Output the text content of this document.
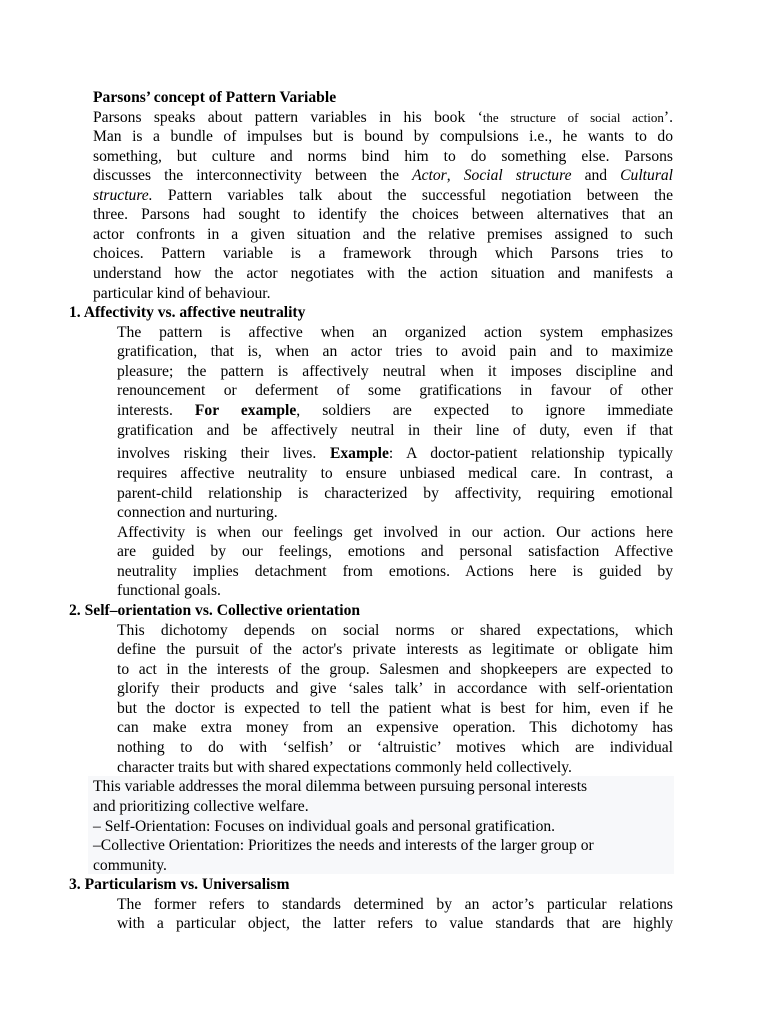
Parsons’ concept of Pattern Variable
Parsons speaks about pattern variables in his book ‘the structure of social action’.
Man is a bundle of impulses but is bound by compulsions i.e., he wants to do
something, but culture and norms bind him to do something else. Parsons
discusses the interconnectivity between the Actor, Social structure and Cultural
structure. Pattern variables talk about the successful negotiation between the
three. Parsons had sought to identify the choices between alternatives that an
actor confronts in a given situation and the relative premises assigned to such
choices. Pattern variable is a framework through which Parsons tries to
understand how the actor negotiates with the action situation and manifests a
particular kind of behaviour.
1. Affectivity vs. affective neutrality
The pattern is affective when an organized action system emphasizes
gratification, that is, when an actor tries to avoid pain and to maximize
pleasure; the pattern is affectively neutral when it imposes discipline and
renouncement or deferment of some gratifications in favour of other
interests. For example, soldiers are expected to ignore immediate
gratification and be affectively neutral in their line of duty, even if that
involves risking their lives. Example: A doctor-patient relationship typically
requires affective neutrality to ensure unbiased medical care. In contrast, a
parent-child relationship is characterized by affectivity, requiring emotional
connection and nurturing.
Affectivity is when our feelings get involved in our action. Our actions here
are guided by our feelings, emotions and personal satisfaction Affective
neutrality implies detachment from emotions. Actions here is guided by
functional goals.
2. Self–orientation vs. Collective orientation
This dichotomy depends on social norms or shared expectations, which
define the pursuit of the actor's private interests as legitimate or obligate him
to act in the interests of the group. Salesmen and shopkeepers are expected to
glorify their products and give ‘sales talk’ in accordance with self-orientation
but the doctor is expected to tell the patient what is best for him, even if he
can make extra money from an expensive operation. This dichotomy has
nothing to do with ‘selfish’ or ‘altruistic’ motives which are individual
character traits but with shared expectations commonly held collectively.
This variable addresses the moral dilemma between pursuing personal interests
and prioritizing collective welfare.
– Self-Orientation: Focuses on individual goals and personal gratification.
–Collective Orientation: Prioritizes the needs and interests of the larger group or
community.
3. Particularism vs. Universalism
The former refers to standards determined by an actor’s particular relations
with a particular object, the latter refers to value standards that are highly
